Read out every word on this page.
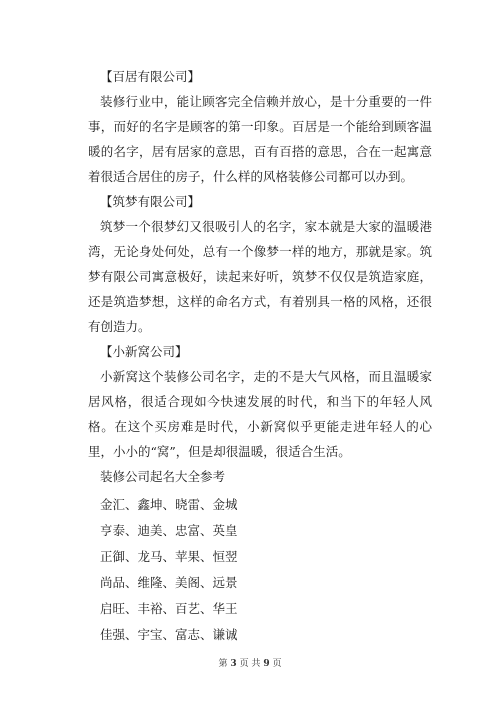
【百居有限公司】

装修行业中，能让顾客完全信赖并放心，是十分重要的一件事，而好的名字是顾客的第一印象。百居是一个能给到顾客温暖的名字，居有居家的意思，百有百搭的意思，合在一起寓意着很适合居住的房子，什么样的风格装修公司都可以办到。

【筑梦有限公司】

筑梦一个很梦幻又很吸引人的名字，家本就是大家的温暖港湾，无论身处何处，总有一个像梦一样的地方，那就是家。筑梦有限公司寓意极好，读起来好听，筑梦不仅仅是筑造家庭，还是筑造梦想，这样的命名方式，有着别具一格的风格，还很有创造力。

【小新窝公司】

小新窝这个装修公司名字，走的不是大气风格，而且温暖家居风格，很适合现如今快速发展的时代，和当下的年轻人风格。在这个买房难是时代，小新窝似乎更能走进年轻人的心里，小小的“窝”，但是却很温暖，很适合生活。

装修公司起名大全参考

金汇、鑫坤、晓雷、金城
亨泰、迪美、忠富、英皇
正御、龙马、苹果、恒翌
尚品、维隆、美阁、远景
启旺、丰裕、百艺、华王
佳强、宇宝、富志、谦诚
第 3 页 共 9 页
